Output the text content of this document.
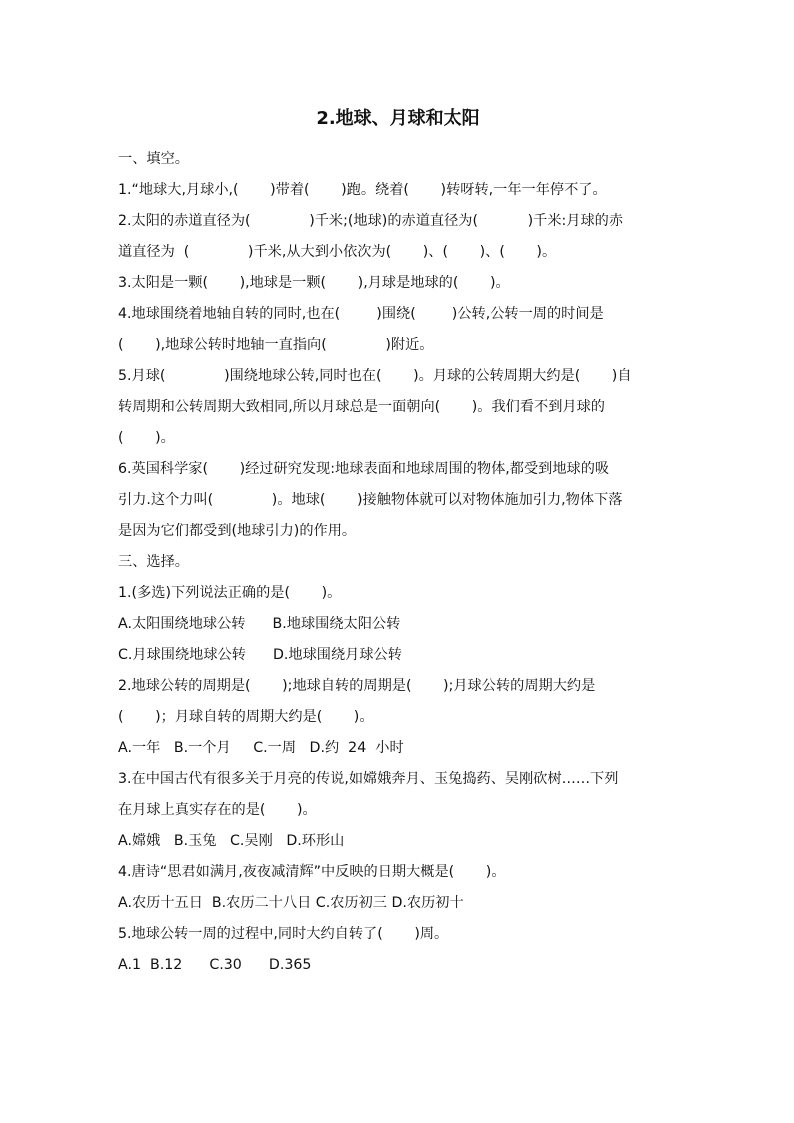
2.地球、月球和太阳
一、填空。
1.“地球大,月球小,(       )带着(       )跑。绕着(       )转呀转,一年一年停不了。
2.太阳的赤道直径为(             )千米;(地球)的赤道直径为(           )千米:月球的赤
道直径为  (             )千米,从大到小依次为(       )、(       )、(       )。
3.太阳是一颗(       ),地球是一颗(       ),月球是地球的(       )。
4.地球围绕着地轴自转的同时,也在(        )围绕(        )公转,公转一周的时间是
(       ),地球公转时地轴一直指向(             )附近。
5.月球(             )围绕地球公转,同时也在(       )。月球的公转周期大约是(       )自
转周期和公转周期大致相同,所以月球总是一面朝向(       )。我们看不到月球的
(       )。
6.英国科学家(       )经过研究发现:地球表面和地球周围的物体,都受到地球的吸
引力.这个力叫(             )。地球(       )接触物体就可以对物体施加引力,物体下落
是因为它们都受到(地球引力)的作用。
三、选择。
1.(多选)下列说法正确的是(       )。
A.太阳围绕地球公转      B.地球围绕太阳公转
C.月球围绕地球公转      D.地球围绕月球公转
2.地球公转的周期是(       );地球自转的周期是(       );月球公转的周期大约是
(       )；月球自转的周期大约是(       )。
A.一年   B.一个月     C.一周   D.约  24  小时
3.在中国古代有很多关于月亮的传说,如嫦娥奔月、玉兔捣药、吴刚砍树……下列
在月球上真实存在的是(       )。
A.嫦娥   B.玉兔   C.吴刚   D.环形山
4.唐诗“思君如满月,夜夜减清辉”中反映的日期大概是(       )。
A.农历十五日  B.农历二十八日 C.农历初三 D.农历初十
5.地球公转一周的过程中,同时大约自转了(       )周。
A.1  B.12      C.30      D.365
